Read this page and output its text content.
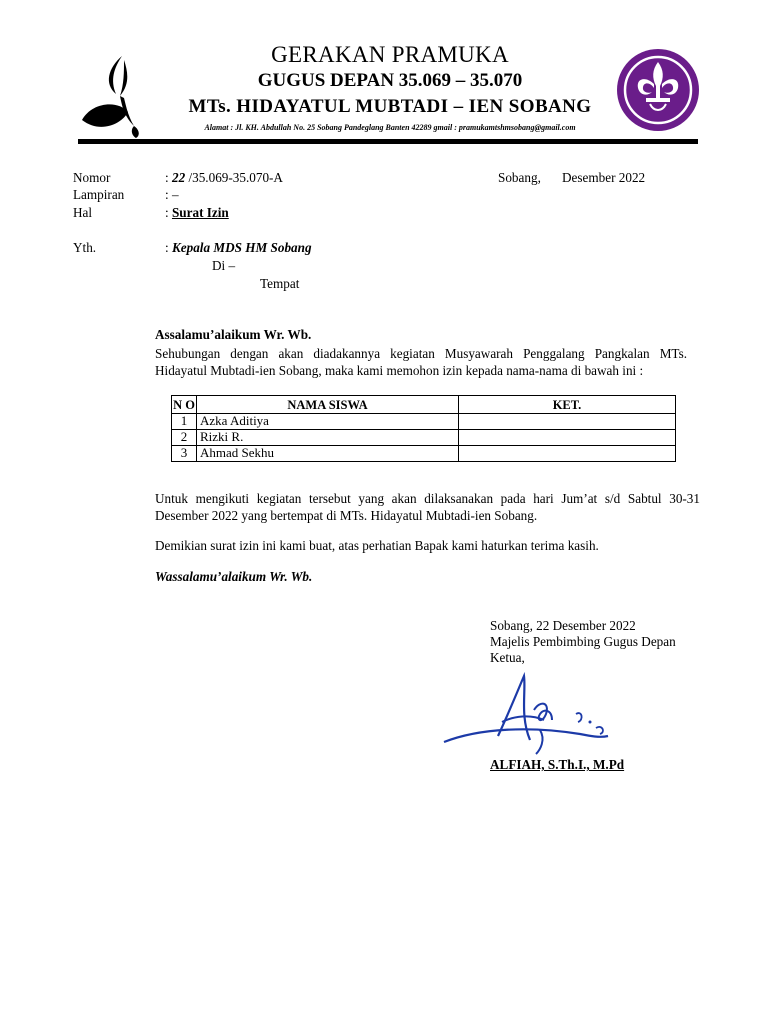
GERAKAN PRAMUKA
GUGUS DEPAN 35.069 – 35.070
MTs. HIDAYATUL MUBTADI – IEN SOBANG
Alamat : Jl. KH. Abdullah No. 25 Sobang Pandeglang Banten 42289 gmail : pramukamtshmsobang@gmail.com
Nomor	: 22 /35.069-35.070-A	Sobang, Desember 2022
Lampiran	: –
Hal	: Surat Izin
Yth.	: Kepala MDS HM Sobang
Di –
Tempat
Assalamu’alaikum Wr. Wb.
Sehubungan dengan akan diadakannya kegiatan Musyawarah Penggalang Pangkalan MTs. Hidayatul Mubtadi-ien Sobang, maka kami memohon izin kepada nama-nama di bawah ini :
N O	NAMA SISWA	KET.
1	Azka Aditiya	
2	Rizki R.	
3	Ahmad Sekhu	
Untuk mengikuti kegiatan tersebut yang akan dilaksanakan pada hari Jum’at s/d Sabtul 30-31 Desember 2022 yang bertempat di MTs. Hidayatul Mubtadi-ien Sobang.
Demikian surat izin ini kami buat, atas perhatian Bapak kami haturkan terima kasih.
Wassalamu’alaikum Wr. Wb.
Sobang, 22 Desember 2022
Majelis Pembimbing Gugus Depan
Ketua,
ALFIAH, S.Th.I., M.Pd
